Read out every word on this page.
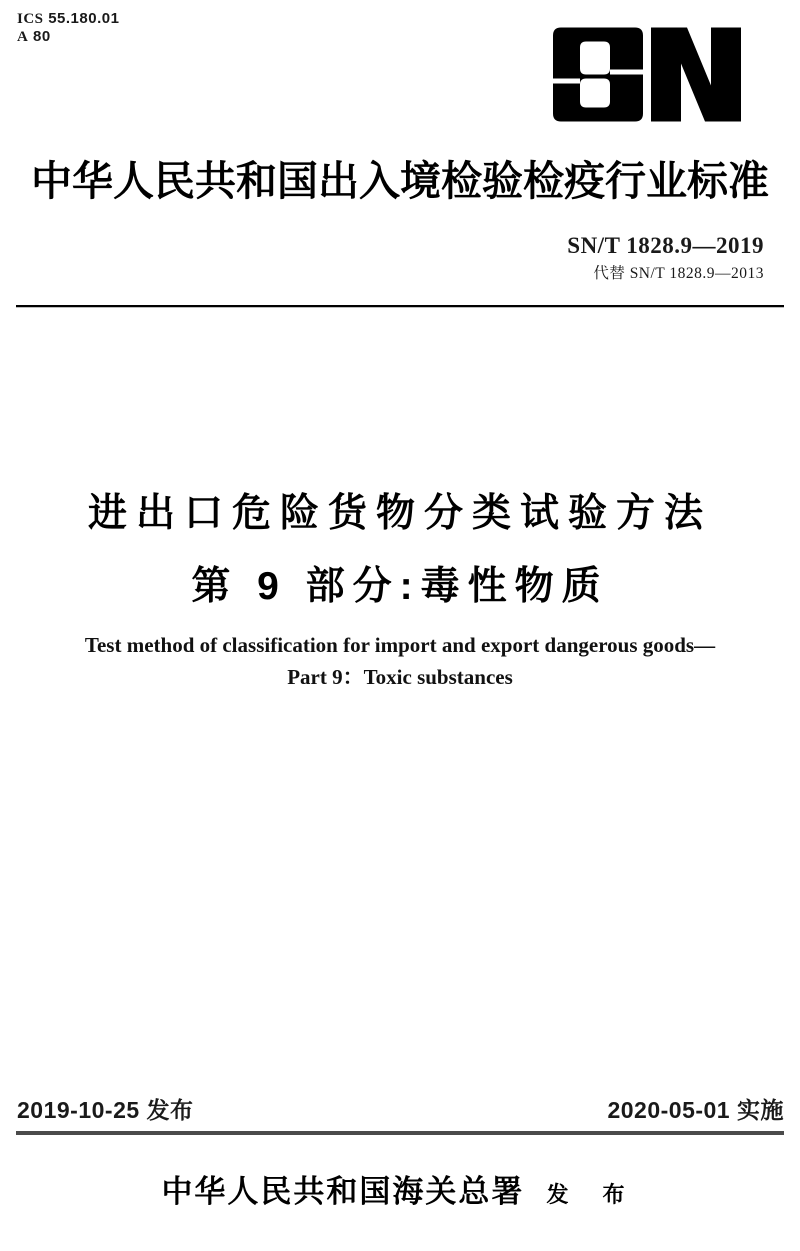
ICS 55.180.01
A 80
中华人民共和国出入境检验检疫行业标准
SN/T 1828.9—2019
代替 SN/T 1828.9—2013
进出口危险货物分类试验方法
第 9 部分:毒性物质
Test method of classification for import and export dangerous goods—
Part 9：Toxic substances
2019-10-25 发布	2020-05-01 实施
中华人民共和国海关总署 发 布
